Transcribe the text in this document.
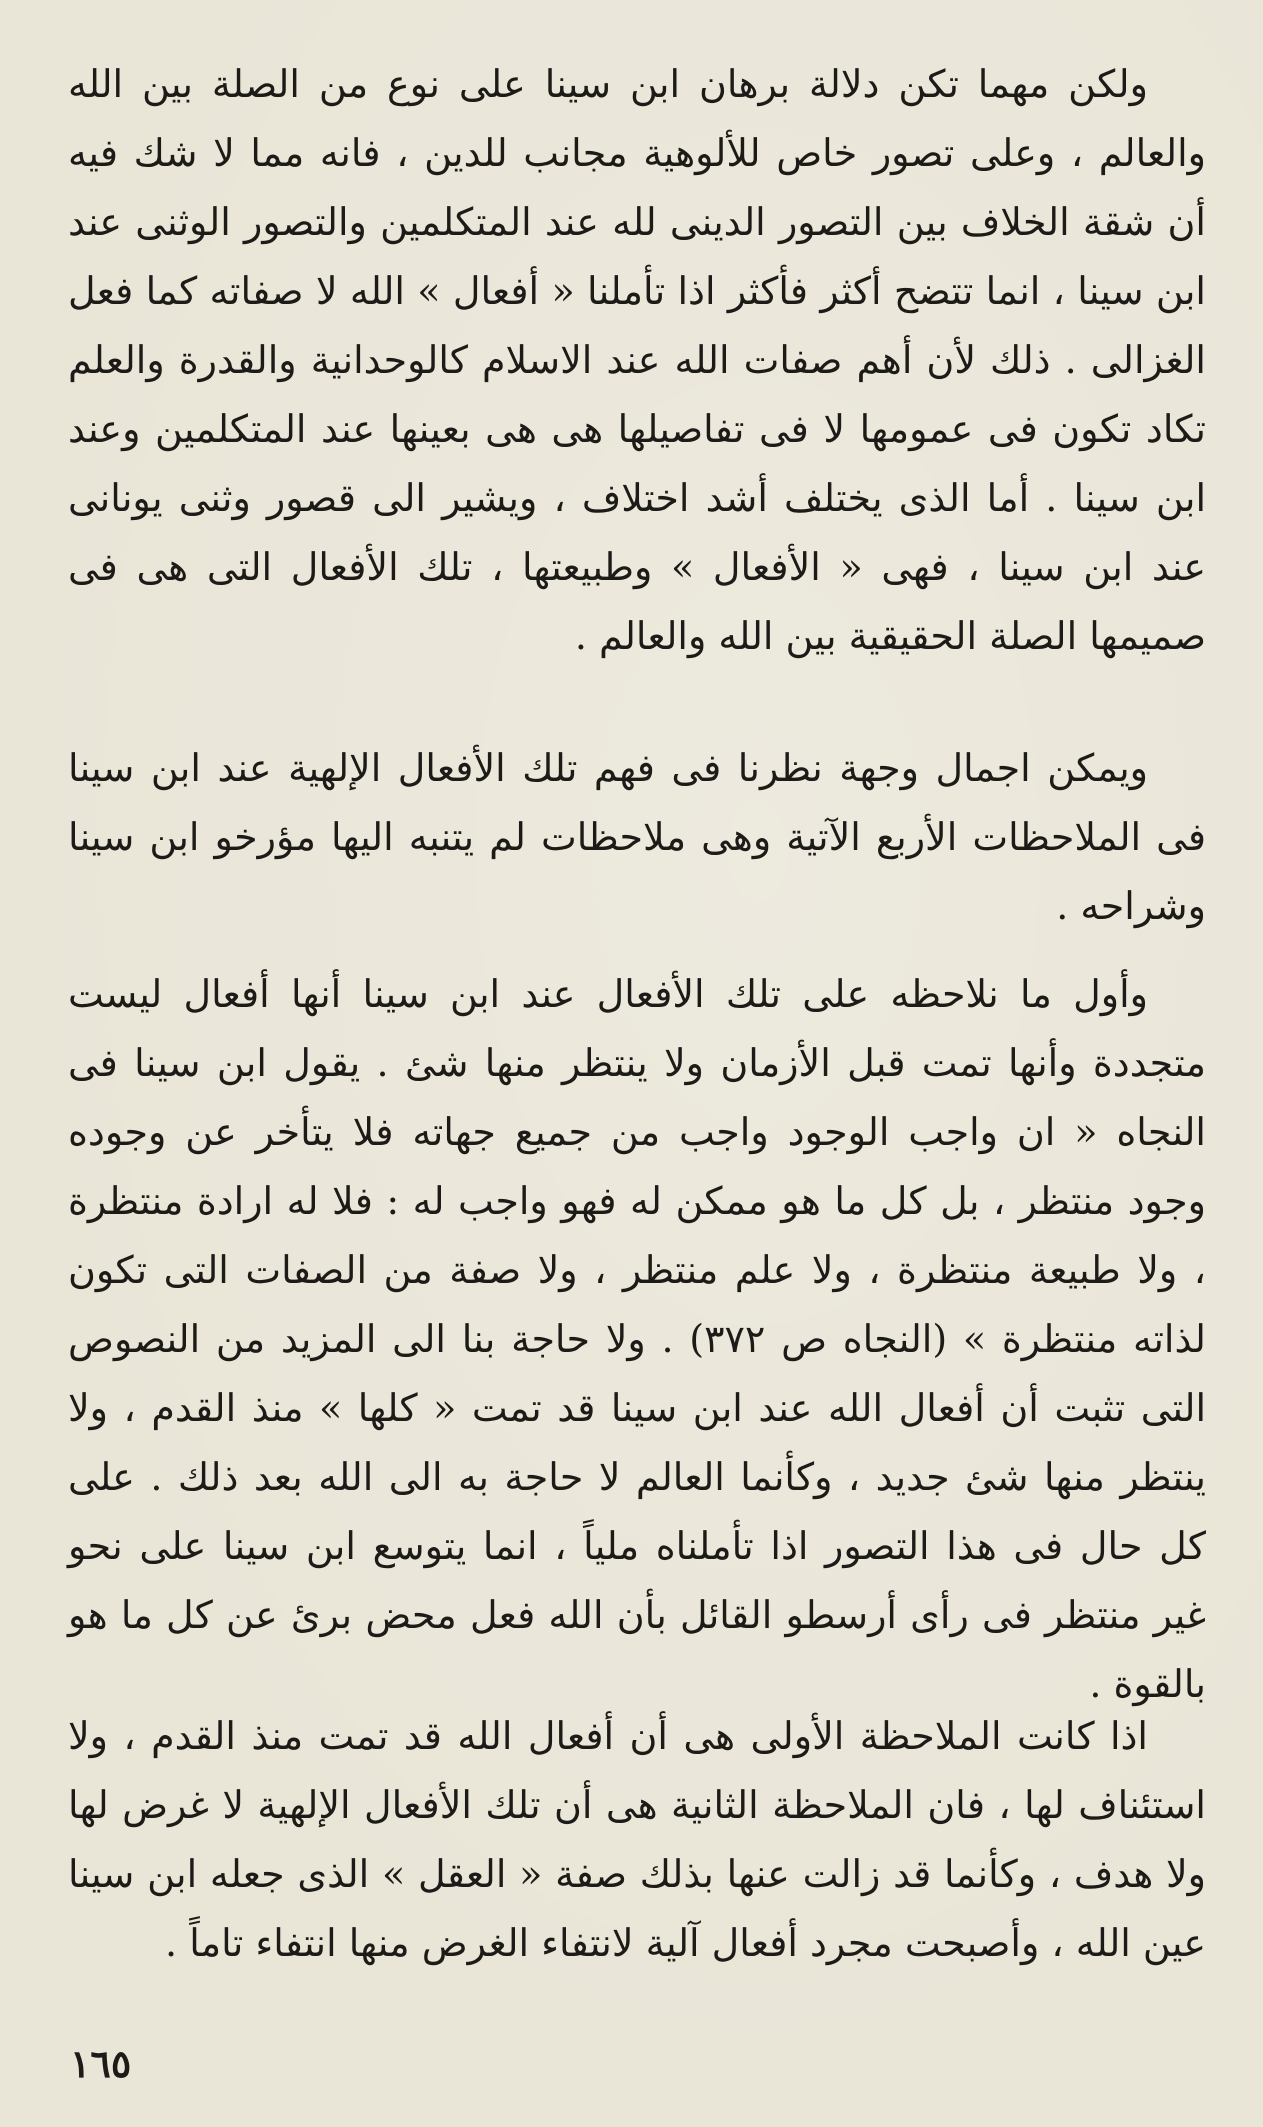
ولكن مهما تكن دلالة برهان ابن سينا على نوع من الصلة بين الله والعالم ، وعلى تصور خاص للألوهية مجانب للدين ، فانه مما لا شك فيه أن شقة الخلاف بين التصور الدينى لله عند المتكلمين والتصور الوثنى عند ابن سينا ، انما تتضح أكثر فأكثر اذا تأملنا « أفعال » الله لا صفاته كما فعل الغزالى . ذلك لأن أهم صفات الله عند الاسلام كالوحدانية والقدرة والعلم تكاد تكون فى عمومها لا فى تفاصيلها هى هى بعينها عند المتكلمين وعند ابن سينا . أما الذى يختلف أشد اختلاف ، ويشير الى قصور وثنى يونانى عند ابن سينا ، فهى « الأفعال » وطبيعتها ، تلك الأفعال التى هى فى صميمها الصلة الحقيقية بين الله والعالم .

ويمكن اجمال وجهة نظرنا فى فهم تلك الأفعال الإلهية عند ابن سينا فى الملاحظات الأربع الآتية وهى ملاحظات لم يتنبه اليها مؤرخو ابن سينا وشراحه .

وأول ما نلاحظه على تلك الأفعال عند ابن سينا أنها أفعال ليست متجددة وأنها تمت قبل الأزمان ولا ينتظر منها شئ . يقول ابن سينا فى النجاه « ان واجب الوجود واجب من جميع جهاته فلا يتأخر عن وجوده وجود منتظر ، بل كل ما هو ممكن له فهو واجب له : فلا له ارادة منتظرة ، ولا طبيعة منتظرة ، ولا علم منتظر ، ولا صفة من الصفات التى تكون لذاته منتظرة » (النجاه ص ٣٧٢) . ولا حاجة بنا الى المزيد من النصوص التى تثبت أن أفعال الله عند ابن سينا قد تمت « كلها » منذ القدم ، ولا ينتظر منها شئ جديد ، وكأنما العالم لا حاجة به الى الله بعد ذلك . على كل حال فى هذا التصور اذا تأملناه ملياً ، انما يتوسع ابن سينا على نحو غير منتظر فى رأى أرسطو القائل بأن الله فعل محض برئ عن كل ما هو بالقوة .

اذا كانت الملاحظة الأولى هى أن أفعال الله قد تمت منذ القدم ، ولا استئناف لها ، فان الملاحظة الثانية هى أن تلك الأفعال الإلهية لا غرض لها ولا هدف ، وكأنما قد زالت عنها بذلك صفة « العقل » الذى جعله ابن سينا عين الله ، وأصبحت مجرد أفعال آلية لانتفاء الغرض منها انتفاء تاماً .

١٦٥
